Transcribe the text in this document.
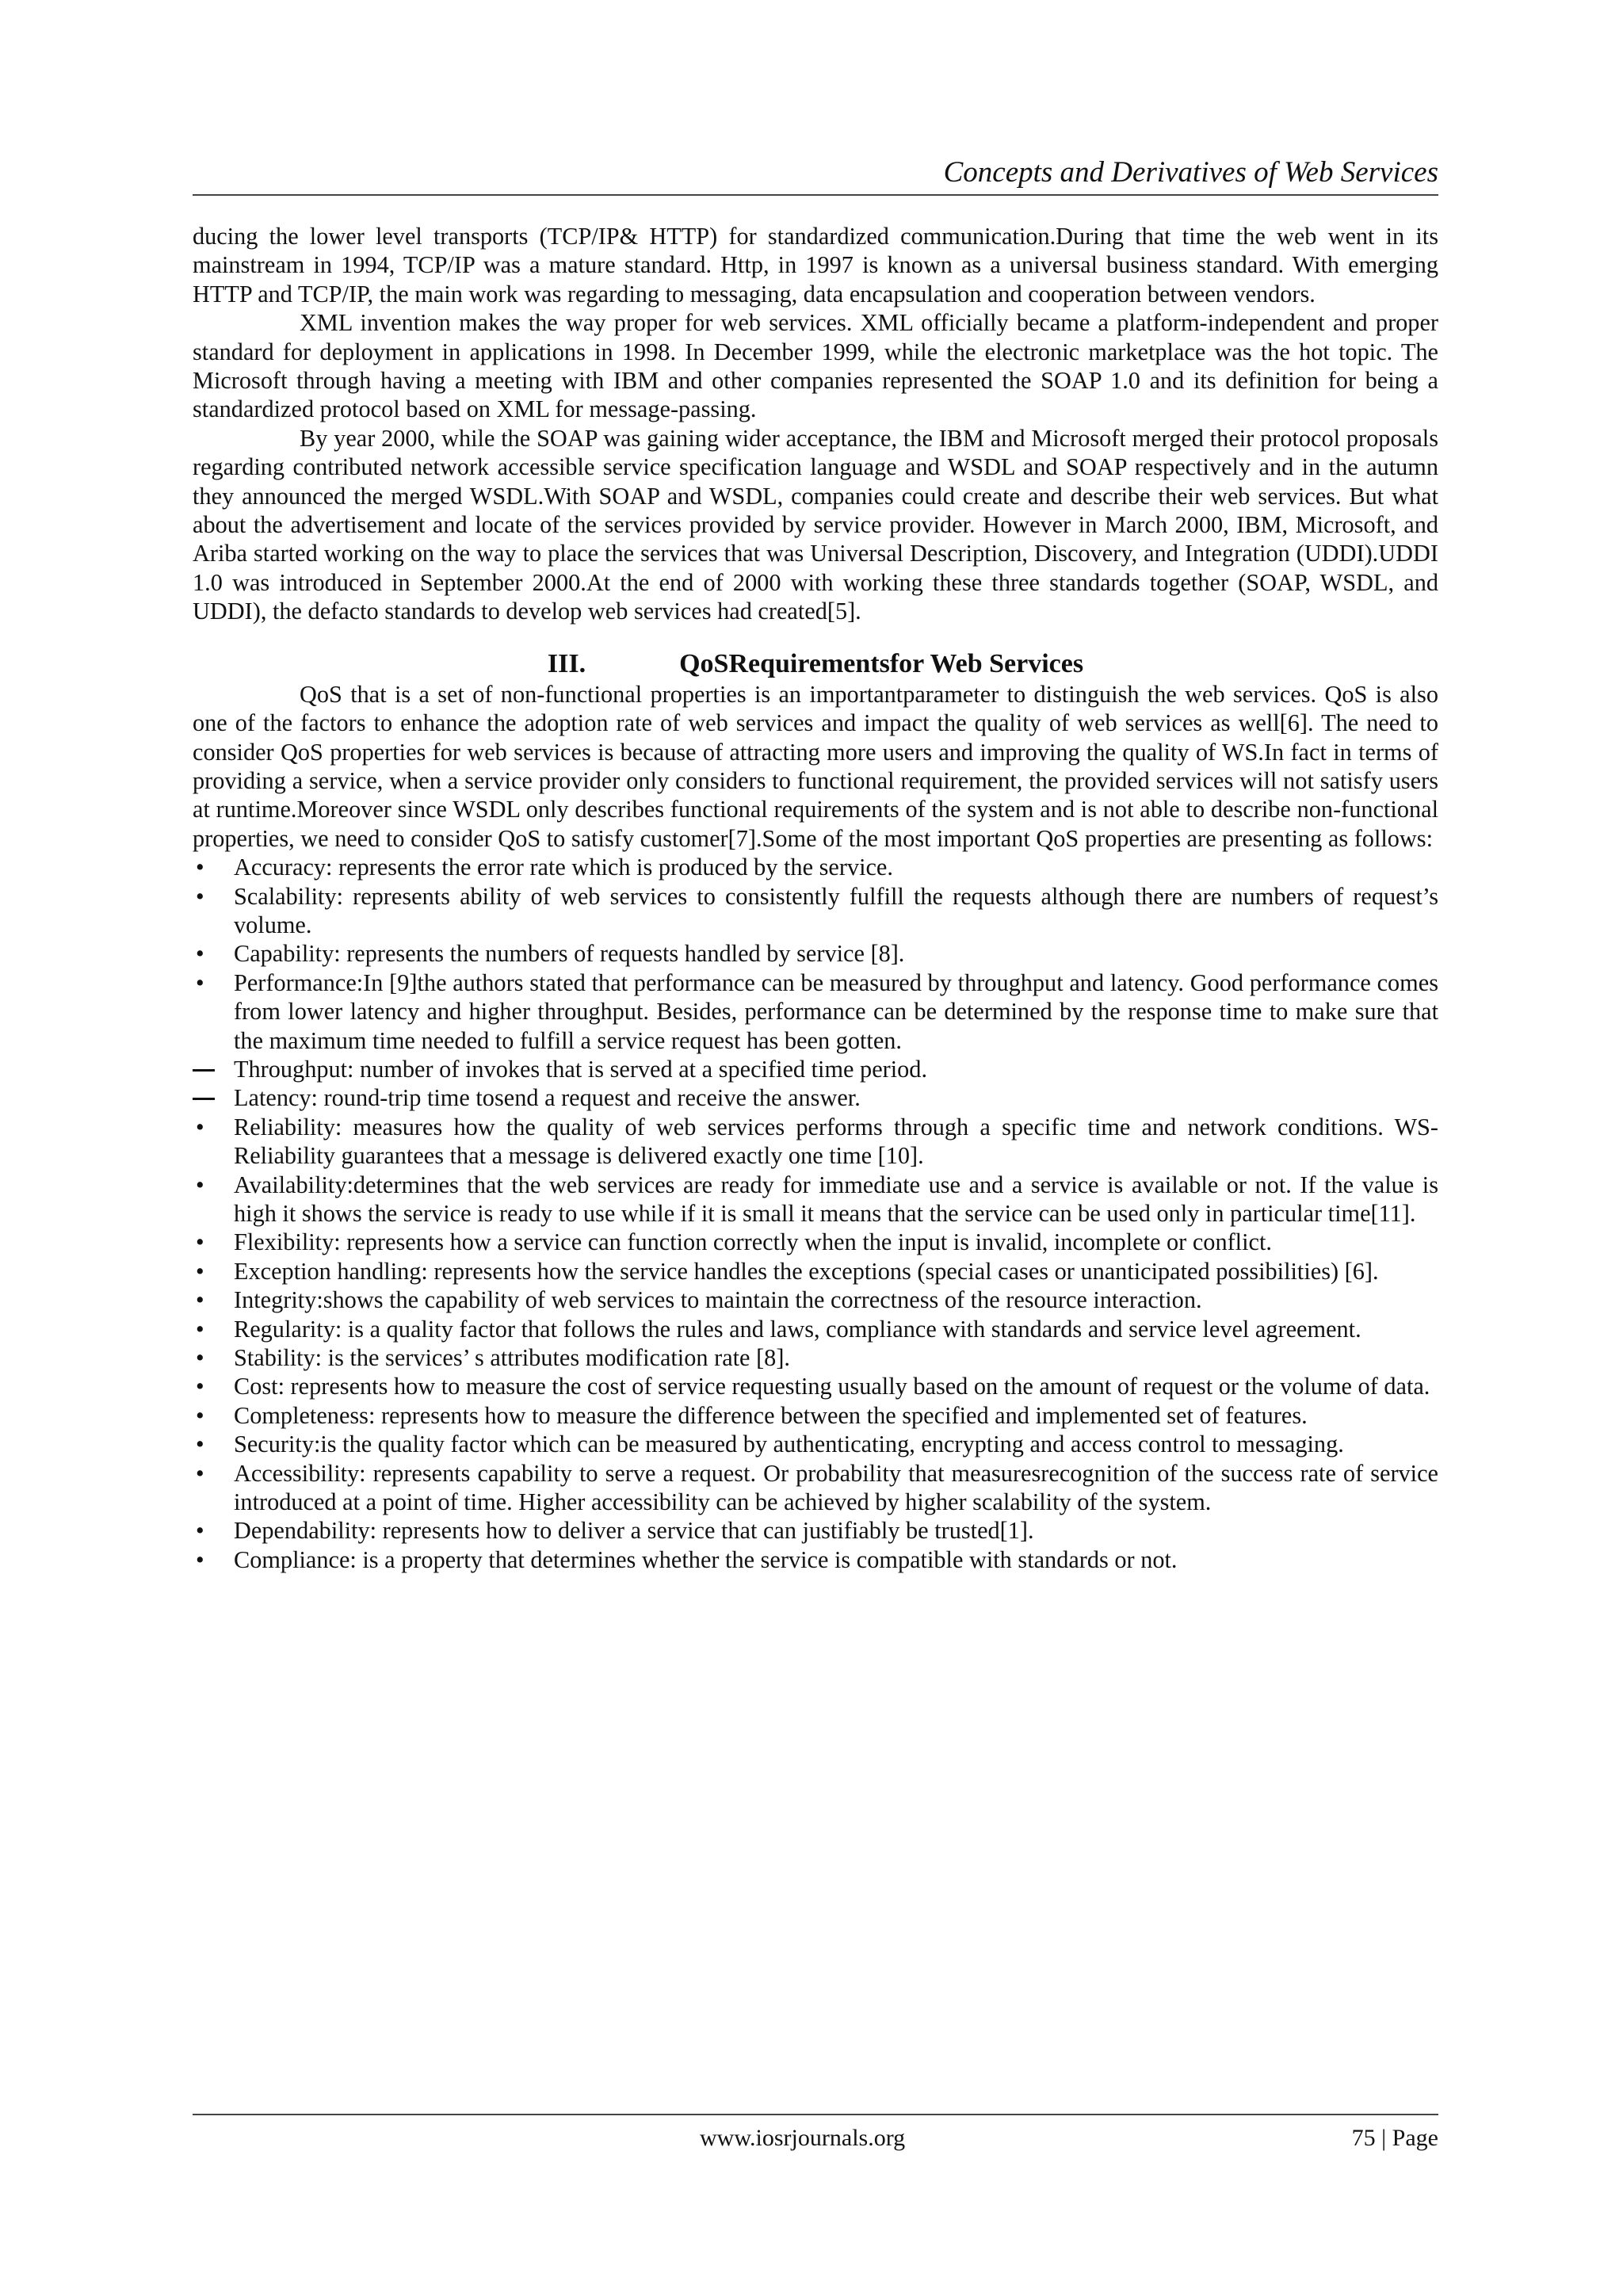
Concepts and Derivatives of Web Services

ducing the lower level transports (TCP/IP& HTTP) for standardized communication.During that time the web went in its mainstream in 1994, TCP/IP was a mature standard. Http, in 1997 is known as a universal business standard. With emerging HTTP and TCP/IP, the main work was regarding to messaging, data encapsulation and cooperation between vendors.

XML invention makes the way proper for web services. XML officially became a platform-independent and proper standard for deployment in applications in 1998. In December 1999, while the electronic marketplace was the hot topic. The Microsoft through having a meeting with IBM and other companies represented the SOAP 1.0 and its definition for being a standardized protocol based on XML for message-passing.

By year 2000, while the SOAP was gaining wider acceptance, the IBM and Microsoft merged their protocol proposals regarding contributed network accessible service specification language and WSDL and SOAP respectively and in the autumn they announced the merged WSDL.With SOAP and WSDL, companies could create and describe their web services. But what about the advertisement and locate of the services provided by service provider. However in March 2000, IBM, Microsoft, and Ariba started working on the way to place the services that was Universal Description, Discovery, and Integration (UDDI).UDDI 1.0 was introduced in September 2000.At the end of 2000 with working these three standards together (SOAP, WSDL, and UDDI), the defacto standards to develop web services had created[5].

III.	QoSRequirementsfor Web Services

QoS that is a set of non-functional properties is an importantparameter to distinguish the web services. QoS is also one of the factors to enhance the adoption rate of web services and impact the quality of web services as well[6]. The need to consider QoS properties for web services is because of attracting more users and improving the quality of WS.In fact in terms of providing a service, when a service provider only considers to functional requirement, the provided services will not satisfy users at runtime.Moreover since WSDL only describes functional requirements of the system and is not able to describe non-functional properties, we need to consider QoS to satisfy customer[7].Some of the most important QoS properties are presenting as follows:

• Accuracy: represents the error rate which is produced by the service.
• Scalability: represents ability of web services to consistently fulfill the requests although there are numbers of request’s volume.
• Capability: represents the numbers of requests handled by service [8].
• Performance:In [9]the authors stated that performance can be measured by throughput and latency. Good performance comes from lower latency and higher throughput. Besides, performance can be determined by the response time to make sure that the maximum time needed to fulfill a service request has been gotten.
Throughput: number of invokes that is served at a specified time period.
Latency: round-trip time tosend a request and receive the answer.
• Reliability: measures how the quality of web services performs through a specific time and network conditions. WS-Reliability guarantees that a message is delivered exactly one time [10].
• Availability:determines that the web services are ready for immediate use and a service is available or not. If the value is high it shows the service is ready to use while if it is small it means that the service can be used only in particular time[11].
• Flexibility: represents how a service can function correctly when the input is invalid, incomplete or conflict.
• Exception handling: represents how the service handles the exceptions (special cases or unanticipated possibilities) [6].
• Integrity:shows the capability of web services to maintain the correctness of the resource interaction.
• Regularity: is a quality factor that follows the rules and laws, compliance with standards and service level agreement.
• Stability: is the services’ s attributes modification rate [8].
• Cost: represents how to measure the cost of service requesting usually based on the amount of request or the volume of data.
• Completeness: represents how to measure the difference between the specified and implemented set of features.
• Security:is the quality factor which can be measured by authenticating, encrypting and access control to messaging.
• Accessibility: represents capability to serve a request. Or probability that measuresrecognition of the success rate of service introduced at a point of time. Higher accessibility can be achieved by higher scalability of the system.
• Dependability: represents how to deliver a service that can justifiably be trusted[1].
• Compliance: is a property that determines whether the service is compatible with standards or not.
www.iosrjournals.org	75 | Page
